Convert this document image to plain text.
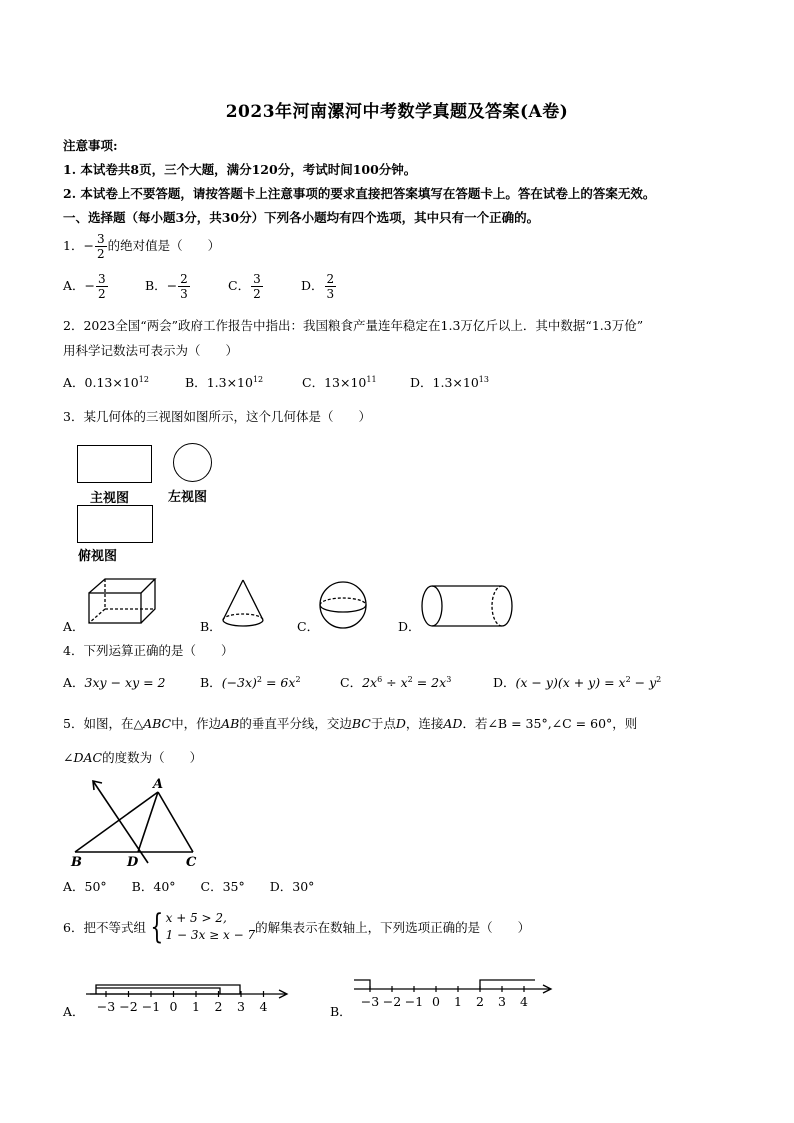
2023年河南漯河中考数学真题及答案(A卷)
注意事项:
1. 本试卷共8页，三个大题，满分120分，考试时间100分钟。
2. 本试卷上不要答题，请按答题卡上注意事项的要求直接把答案填写在答题卡上。答在试卷上的答案无效。
一、选择题（每小题3分，共30分）下列各小题均有四个选项，其中只有一个正确的。
1．− $\frac{3}{2}$ 的绝对值是（　　）
A．− $\frac{3}{2}$	B．− $\frac{2}{3}$	C． $\frac{3}{2}$	D． $\frac{2}{3}$
2．2023全国“两会”政府工作报告中指出：我国粮食产量连年稳定在1.3万亿斤以上．其中数据“1.3万伧”
用科学记数法可表示为（　　）
A．$0.13\times 10^{12}$	B．$1.3\times 10^{12}$	C．$13\times 10^{11}$	D．$1.3\times 10^{13}$
3．某几何体的三视图如图所示，这个几何体是（　　）
主视图	左视图
俯视图
A．	B．	C．	D．
4．下列运算正确的是（　　）
A．3xy − xy = 2	B．$(-3x)^2 = 6x^2$	C．$2x^6 \div x^2 = 2x^3$	D．$(x - y)(x + y) = x^2 - y^2$
5．如图，在△ABC中，作边AB的垂直平分线，交边BC于点D，连接AD．若∠B = 35°,∠C = 60°，则
∠DAC的度数为（　　）
A
B	D	C
A．50°　　B．40°　　C．35°　　D．30°
6．把不等式组 { x + 5 > 2,
1 − 3x ≥ x − 7 的解集表示在数轴上，下列选项正确的是（　　）
A． −3 −2 −1 0 1 2 3 4	B．
−3 −2 −1 0 1 2 3 4
